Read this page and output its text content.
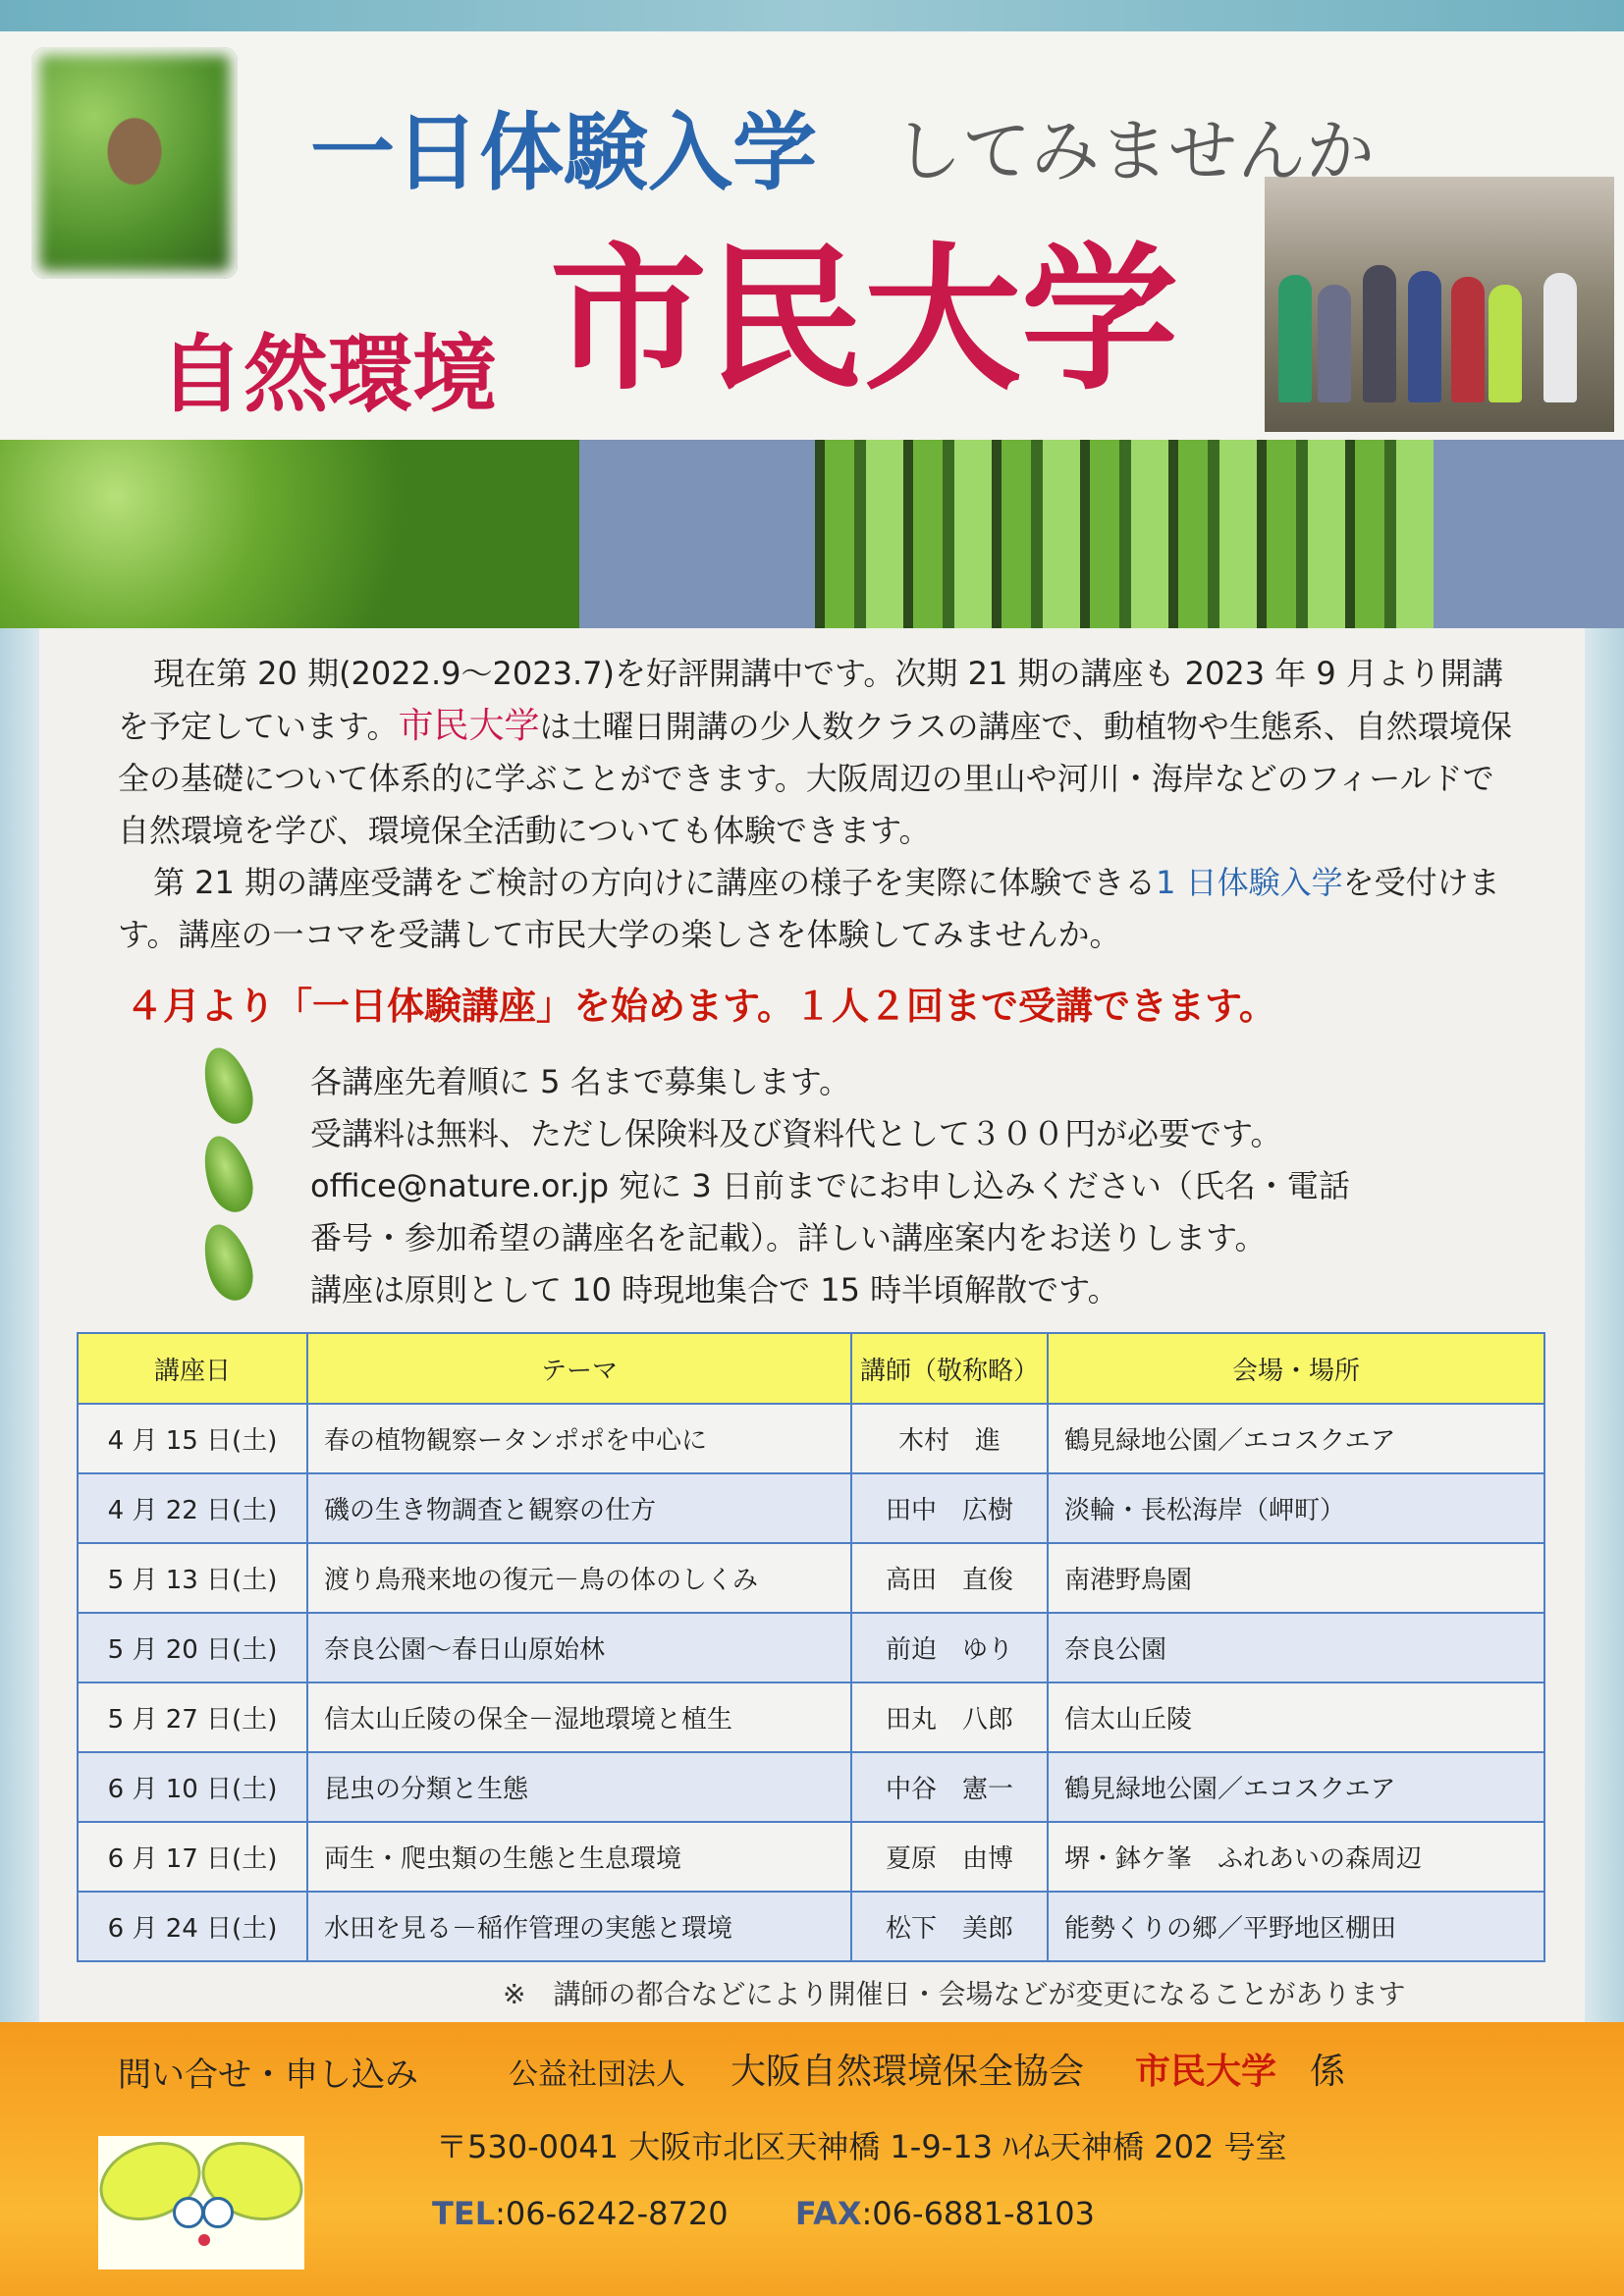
一日体験入学 してみませんか
自然環境 市民大学

現在第 20 期(2022.9～2023.7)を好評開講中です。次期 21 期の講座も 2023 年 9 月より開講を予定しています。市民大学は土曜日開講の少人数クラスの講座で、動植物や生態系、自然環境保全の基礎について体系的に学ぶことができます。大阪周辺の里山や河川・海岸などのフィールドで自然環境を学び、環境保全活動についても体験できます。

第 21 期の講座受講をご検討の方向けに講座の様子を実際に体験できる1 日体験入学を受付けます。講座の一コマを受講して市民大学の楽しさを体験してみませんか。

４月より「一日体験講座」を始めます。１人２回まで受講できます。
各講座先着順に 5 名まで募集します。
受講料は無料、ただし保険料及び資料代として３００円が必要です。
office@nature.or.jp 宛に 3 日前までにお申し込みください（氏名・電話
番号・参加希望の講座名を記載）。詳しい講座案内をお送りします。
講座は原則として 10 時現地集合で 15 時半頃解散です。
講座日	テーマ	講師（敬称略）	会場・場所
4 月 15 日(土)	春の植物観察ータンポポを中心に	木村　進	鶴見緑地公園／エコスクエア
4 月 22 日(土)	磯の生き物調査と観察の仕方	田中　広樹	淡輪・長松海岸（岬町）
5 月 13 日(土)	渡り鳥飛来地の復元－鳥の体のしくみ	高田　直俊	南港野鳥園
5 月 20 日(土)	奈良公園～春日山原始林	前迫　ゆり	奈良公園
5 月 27 日(土)	信太山丘陵の保全－湿地環境と植生	田丸　八郎	信太山丘陵
6 月 10 日(土)	昆虫の分類と生態	中谷　憲一	鶴見緑地公園／エコスクエア
6 月 17 日(土)	両生・爬虫類の生態と生息環境	夏原　由博	堺・鉢ケ峯　ふれあいの森周辺
6 月 24 日(土)	水田を見る－稲作管理の実態と環境	松下　美郎	能勢くりの郷／平野地区棚田
※　講師の都合などにより開催日・会場などが変更になることがあります
問い合せ・申し込み	公益社団法人 大阪自然環境保全協会 市民大学 係
〒530-0041 大阪市北区天神橋 1-9-13 ﾊｲﾑ天神橋 202 号室
TEL:06-6242-8720 FAX:06-6881-8103
